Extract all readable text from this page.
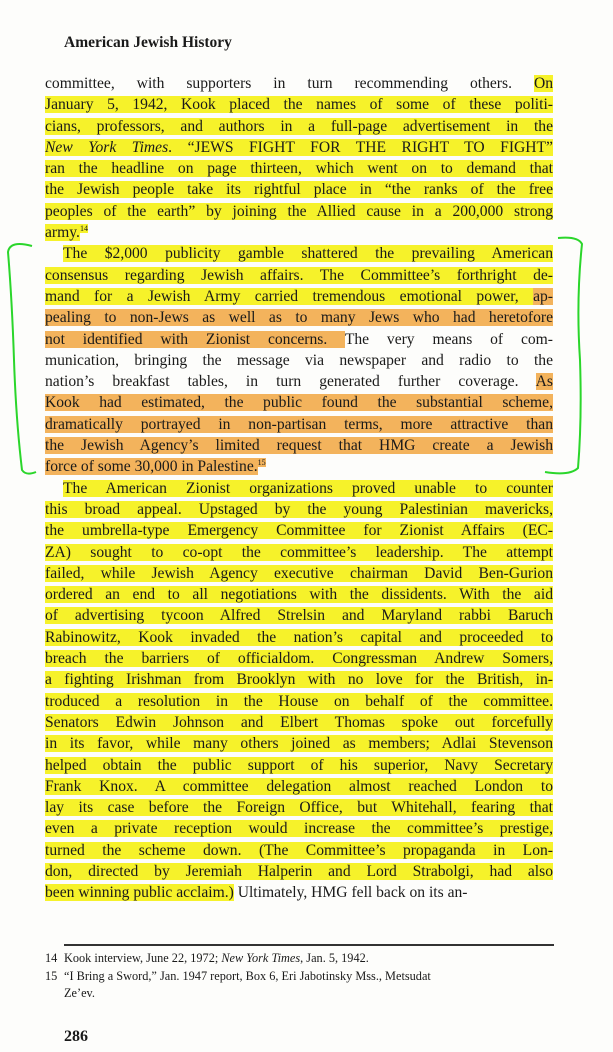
American Jewish History
committee, with supporters in turn recommending others. On
January 5, 1942, Kook placed the names of some of these politi-
cians, professors, and authors in a full-page advertisement in the
New York Times. “JEWS FIGHT FOR THE RIGHT TO FIGHT”
ran the headline on page thirteen, which went on to demand that
the Jewish people take its rightful place in “the ranks of the free
peoples of the earth” by joining the Allied cause in a 200,000 strong
army.$^{14}$
The $2,000 publicity gamble shattered the prevailing American
consensus regarding Jewish affairs. The Committee’s forthright de-
mand for a Jewish Army carried tremendous emotional power, ap-
pealing to non-Jews as well as to many Jews who had heretofore
not identified with Zionist concerns. The very means of com-
munication, bringing the message via newspaper and radio to the
nation’s breakfast tables, in turn generated further coverage. As
Kook had estimated, the public found the substantial scheme,
dramatically portrayed in non-partisan terms, more attractive than
the Jewish Agency’s limited request that HMG create a Jewish
force of some 30,000 in Palestine.$^{15}$
The American Zionist organizations proved unable to counter
this broad appeal. Upstaged by the young Palestinian mavericks,
the umbrella-type Emergency Committee for Zionist Affairs (EC-
ZA) sought to co-opt the committee’s leadership. The attempt
failed, while Jewish Agency executive chairman David Ben-Gurion
ordered an end to all negotiations with the dissidents. With the aid
of advertising tycoon Alfred Strelsin and Maryland rabbi Baruch
Rabinowitz, Kook invaded the nation’s capital and proceeded to
breach the barriers of officialdom. Congressman Andrew Somers,
a fighting Irishman from Brooklyn with no love for the British, in-
troduced a resolution in the House on behalf of the committee.
Senators Edwin Johnson and Elbert Thomas spoke out forcefully
in its favor, while many others joined as members; Adlai Stevenson
helped obtain the public support of his superior, Navy Secretary
Frank Knox. A committee delegation almost reached London to
lay its case before the Foreign Office, but Whitehall, fearing that
even a private reception would increase the committee’s prestige,
turned the scheme down. (The Committee’s propaganda in Lon-
don, directed by Jeremiah Halperin and Lord Strabolgi, had also
been winning public acclaim.) Ultimately, HMG fell back on its an-
14 Kook interview, June 22, 1972; New York Times, Jan. 5, 1942.
15 “I Bring a Sword,” Jan. 1947 report, Box 6, Eri Jabotinsky Mss., Metsudat
Ze’ev.
286
